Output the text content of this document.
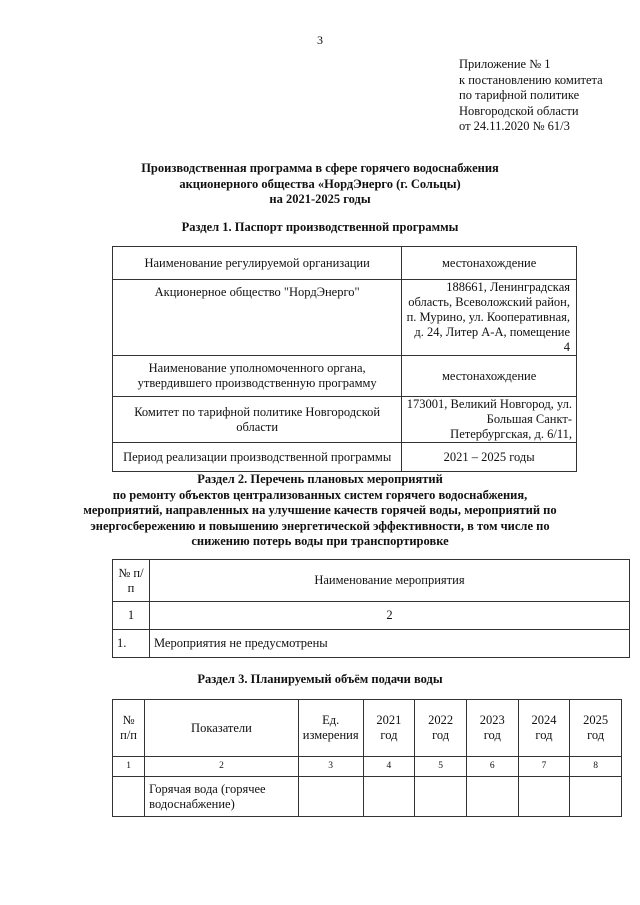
3
Приложение № 1
к постановлению комитета
по тарифной политике
Новгородской области
от 24.11.2020 № 61/3
Производственная программа в сфере горячего водоснабжения
акционерного общества «НордЭнерго (г. Сольцы)
на 2021-2025 годы
Раздел 1. Паспорт производственной программы
Наименование регулируемой организации	местонахождение
Акционерное общество "НордЭнерго"	188661, Ленинградская область, Всеволожский район, п. Мурино, ул. Кооперативная, д. 24, Литер А-А, помещение 4
Наименование уполномоченного органа, утвердившего производственную программу	местонахождение
Комитет по тарифной политике Новгородской области	173001, Великий Новгород, ул. Большая Санкт-Петербургская, д. 6/11,
Период реализации производственной программы	2021 – 2025 годы
Раздел 2. Перечень плановых мероприятий
по ремонту объектов централизованных систем горячего водоснабжения,
мероприятий, направленных на улучшение качеств горячей воды, мероприятий по
энергосбережению и повышению энергетической эффективности, в том числе по
снижению потерь воды при транспортировке
№ п/п	Наименование мероприятия
1	2
1.	Мероприятия не предусмотрены
Раздел 3. Планируемый объём подачи воды
№ п/п	Показатели	Ед. измерения	2021 год	2022 год	2023 год	2024 год	2025 год
1	2	3	4	5	6	7	8
	Горячая вода (горячее водоснабжение)						
